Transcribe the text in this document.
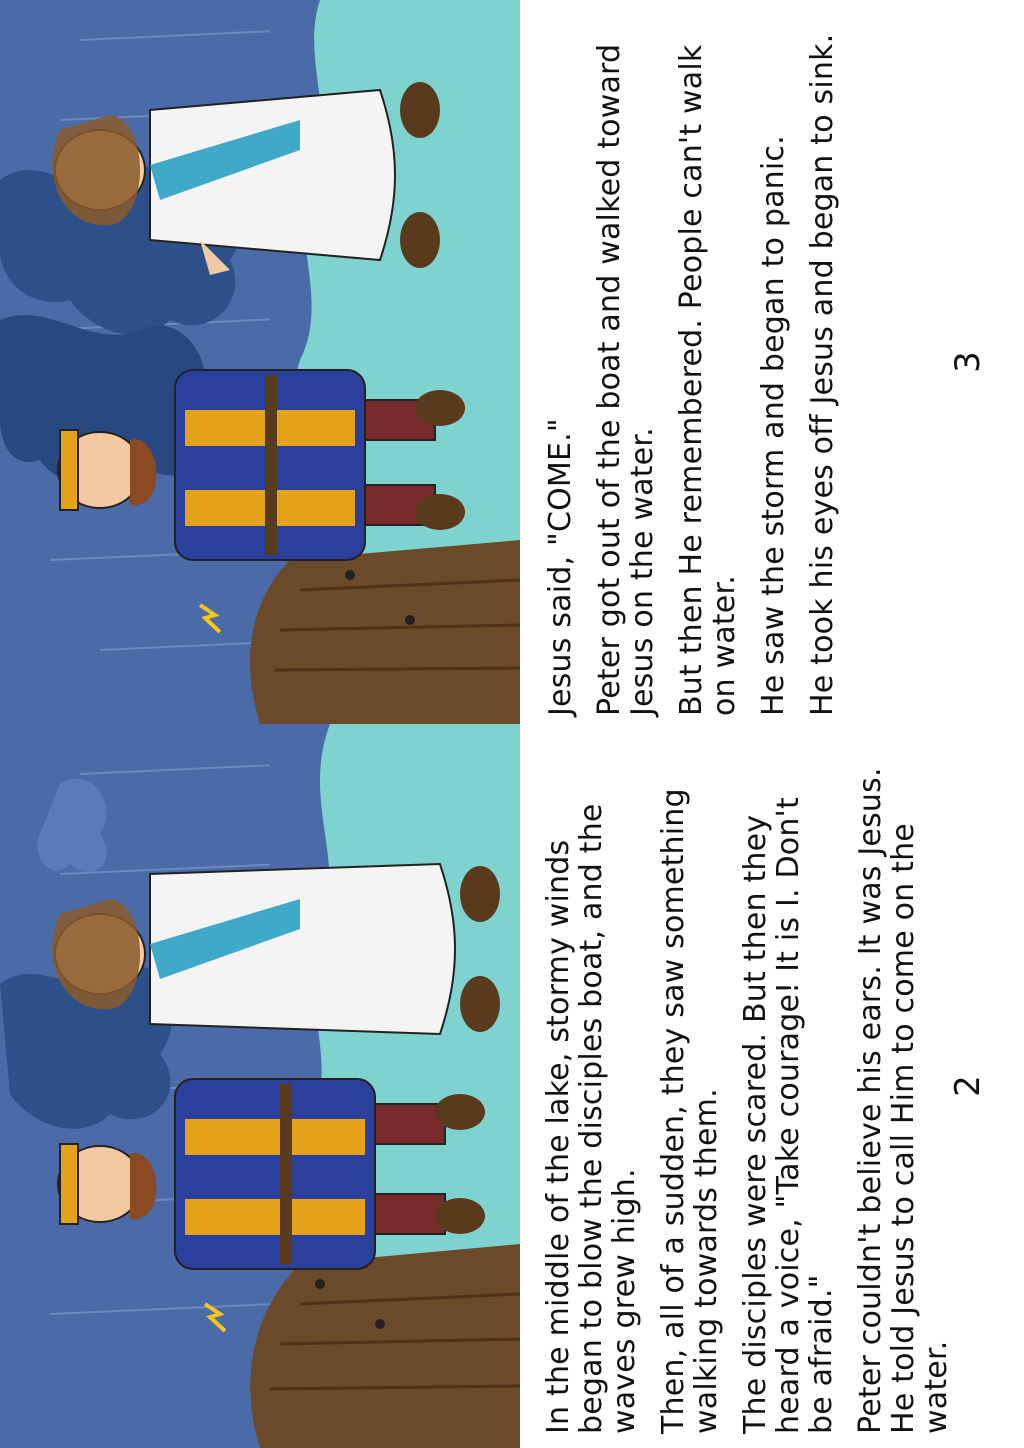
Jesus said, "COME." Peter got out of the boat and walked toward Jesus on the water. But then He remembered. People can't walk on water. He saw the storm and began to panic. He took his eyes off Jesus and began to sink.	3

In the middle of the lake, stormy winds began to blow the disciples boat, and the waves grew high. Then, all of a sudden, they saw something walking towards them. The disciples were scared. But then they heard a voice, "Take courage! It is I. Don't be afraid." Peter couldn't believe his ears. It was Jesus. He told Jesus to call Him to come on the water.

2
